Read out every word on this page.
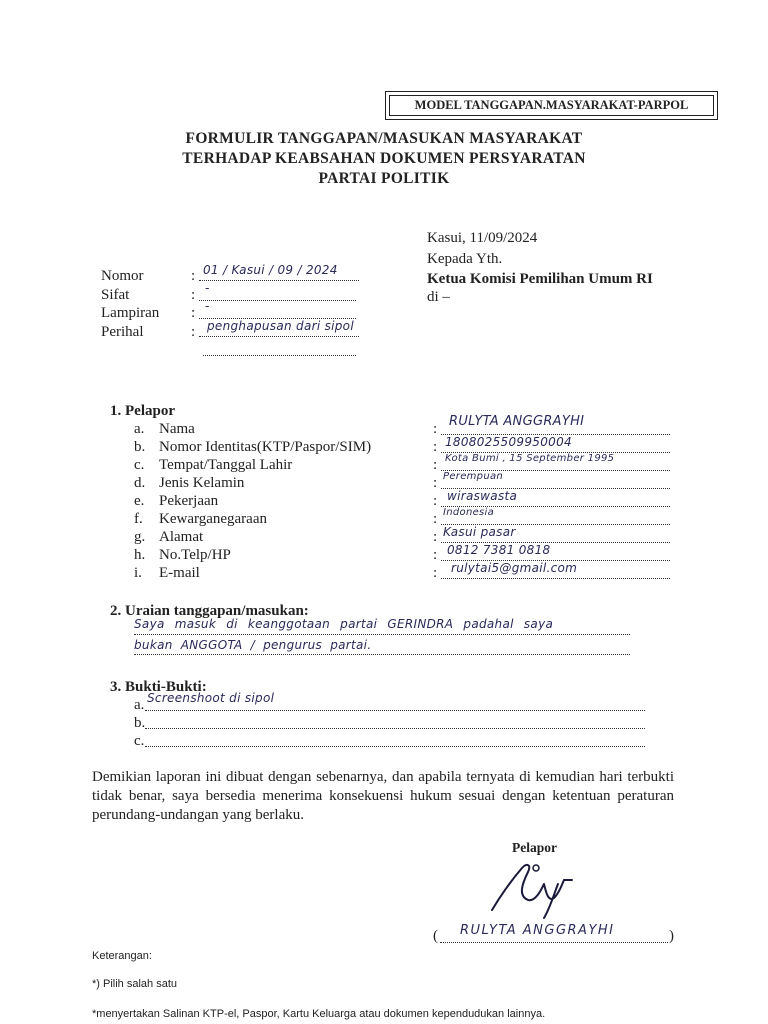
MODEL TANGGAPAN.MASYARAKAT-PARPOL
FORMULIR TANGGAPAN/MASUKAN MASYARAKAT
TERHADAP KEABSAHAN DOKUMEN PERSYARATAN
PARTAI POLITIK
Kasui, 11/09/2024
Kepada Yth.
Ketua Komisi Pemilihan Umum RI
di –
Nomor	: 01 / Kasui / 09 / 2024
Sifat	: -
Lampiran : -
Perihal	: penghapusan dari sipol
1. Pelapor
a. Nama	: RULYTA ANGGRAYHI
b. Nomor Identitas(KTP/Paspor/SIM)	: 1808025509950004
c. Tempat/Tanggal Lahir	: Kota Bumi , 15 September 1995
d. Jenis Kelamin	: Perempuan
e. Pekerjaan	: wiraswasta
f. Kewarganegaraan	: Indonesia
g. Alamat	: Kasui pasar
h. No.Telp/HP	: 0812 7381 0818
i. E-mail	: rulytai5@gmail.com
2. Uraian tanggapan/masukan:
Saya masuk di keanggotaan partai GERINDRA padahal saya
bukan ANGGOTA / pengurus partai.
3. Bukti-Bukti:
a. Screenshoot di sipol
b.
c.
Demikian laporan ini dibuat dengan sebenarnya, dan apabila ternyata di kemudian hari terbukti tidak benar, saya bersedia menerima konsekuensi hukum sesuai dengan ketentuan peraturan perundang-undangan yang berlaku.
Pelapor
( RULYTA ANGGRAYHI	)
Keterangan:
*) Pilih salah satu
*menyertakan Salinan KTP-el, Paspor, Kartu Keluarga atau dokumen kependudukan lainnya.
